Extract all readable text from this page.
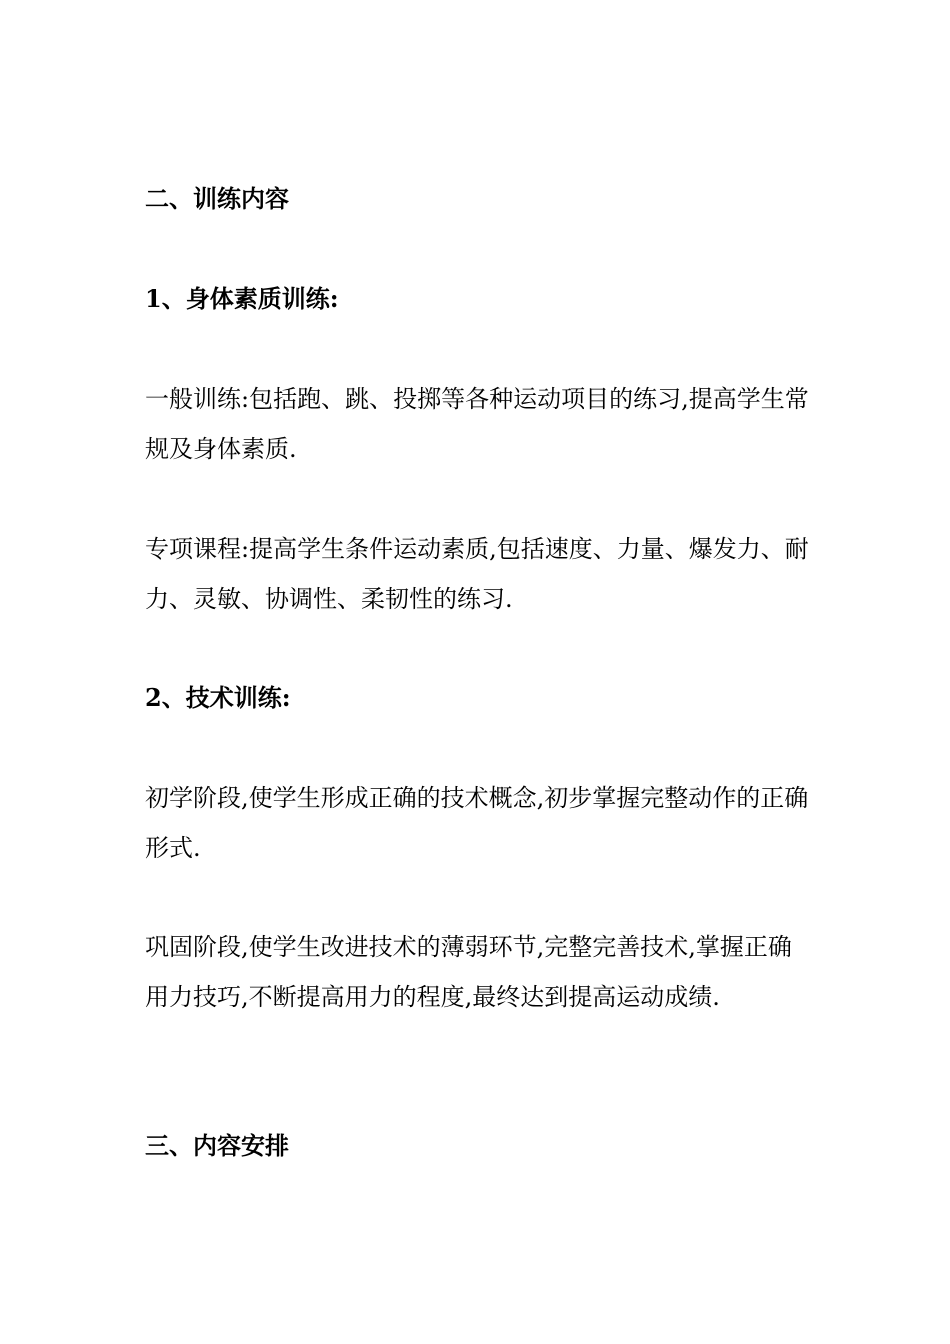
二、训练内容

1、身体素质训练:

一般训练:包括跑、跳、投掷等各种运动项目的练习,提高学生常规及身体素质.

专项课程:提高学生条件运动素质,包括速度、力量、爆发力、耐力、灵敏、协调性、柔韧性的练习.

2、技术训练:

初学阶段,使学生形成正确的技术概念,初步掌握完整动作的正确形式.

巩固阶段,使学生改进技术的薄弱环节,完整完善技术,掌握正确用力技巧,不断提高用力的程度,最终达到提高运动成绩.

三、内容安排
